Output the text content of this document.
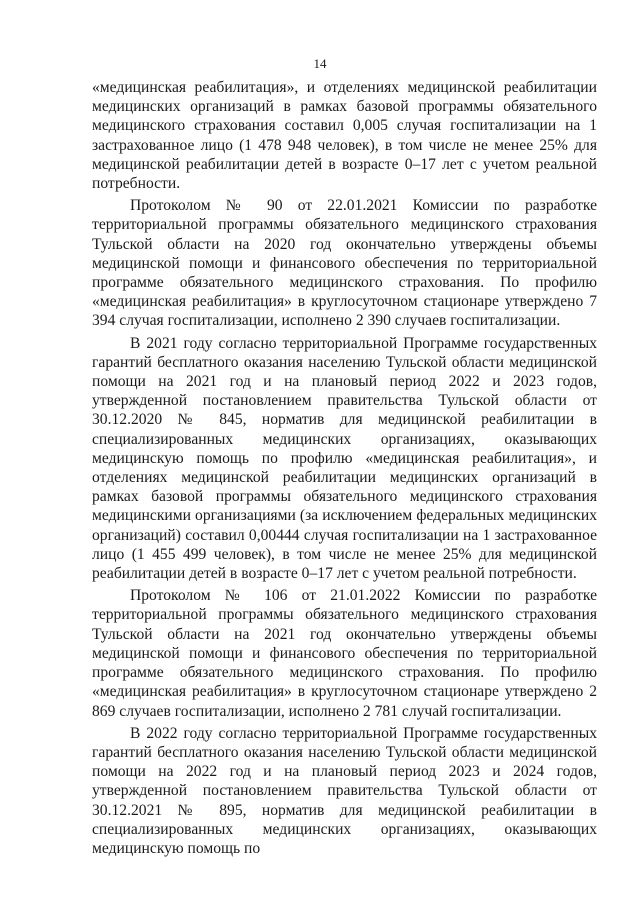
14

«медицинская реабилитация», и отделениях медицинской реабилитации медицинских организаций в рамках базовой программы обязательного медицинского страхования составил 0,005 случая госпитализации на 1 застрахованное лицо (1 478 948 человек), в том числе не менее 25% для медицинской реабилитации детей в возрасте 0–17 лет с учетом реальной потребности.

Протоколом № 90 от 22.01.2021 Комиссии по разработке территориальной программы обязательного медицинского страхования Тульской области на 2020 год окончательно утверждены объемы медицинской помощи и финансового обеспечения по территориальной программе обязательного медицинского страхования. По профилю «медицинская реабилитация» в круглосуточном стационаре утверждено 7 394 случая госпитализации, исполнено 2 390 случаев госпитализации.

В 2021 году согласно территориальной Программе государственных гарантий бесплатного оказания населению Тульской области медицинской помощи на 2021 год и на плановый период 2022 и 2023 годов, утвержденной постановлением правительства Тульской области от 30.12.2020 № 845, норматив для медицинской реабилитации в специализированных медицинских организациях, оказывающих медицинскую помощь по профилю «медицинская реабилитация», и отделениях медицинской реабилитации медицинских организаций в рамках базовой программы обязательного медицинского страхования медицинскими организациями (за исключением федеральных медицинских организаций) составил 0,00444 случая госпитализации на 1 застрахованное лицо (1 455 499 человек), в том числе не менее 25% для медицинской реабилитации детей в возрасте 0–17 лет с учетом реальной потребности.

Протоколом № 106 от 21.01.2022 Комиссии по разработке территориальной программы обязательного медицинского страхования Тульской области на 2021 год окончательно утверждены объемы медицинской помощи и финансового обеспечения по территориальной программе обязательного медицинского страхования. По профилю «медицинская реабилитация» в круглосуточном стационаре утверждено 2 869 случаев госпитализации, исполнено 2 781 случай госпитализации.

В 2022 году согласно территориальной Программе государственных гарантий бесплатного оказания населению Тульской области медицинской помощи на 2022 год и на плановый период 2023 и 2024 годов, утвержденной постановлением правительства Тульской области от 30.12.2021 № 895, норматив для медицинской реабилитации в специализированных медицинских организациях, оказывающих медицинскую помощь по
